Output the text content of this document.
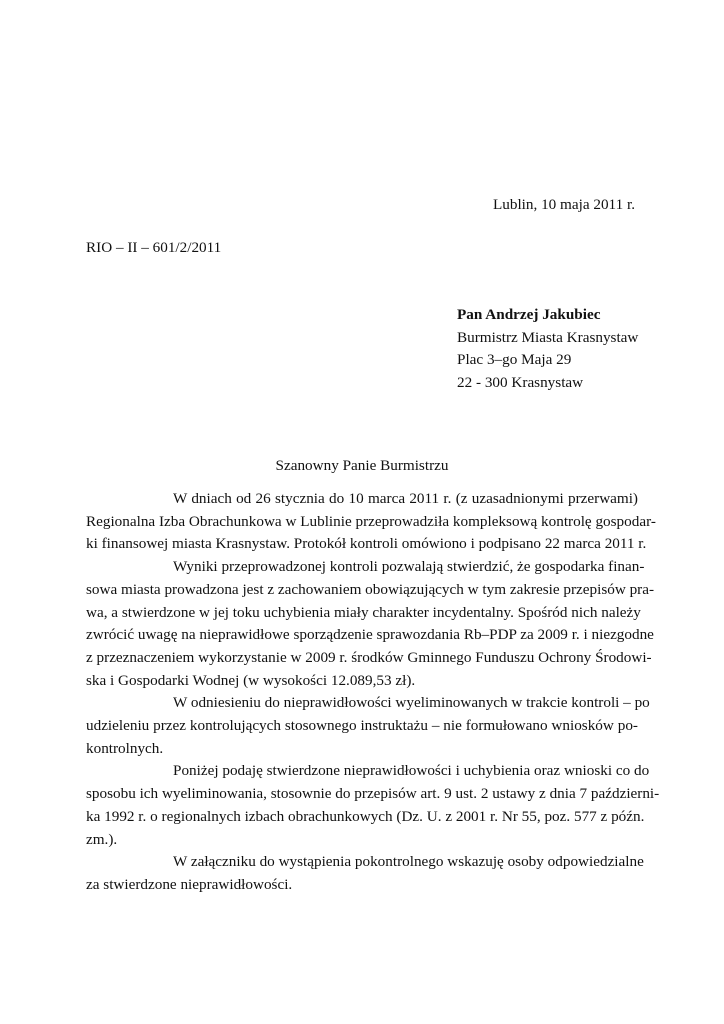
Lublin, 10 maja 2011 r.
RIO – II – 601/2/2011
Pan Andrzej Jakubiec
Burmistrz Miasta Krasnystaw
Plac 3–go Maja 29
22 - 300 Krasnystaw
Szanowny Panie Burmistrzu

W dniach od 26 stycznia do 10 marca 2011 r. (z uzasadnionymi przerwami)
Regionalna Izba Obrachunkowa w Lublinie przeprowadziła kompleksową kontrolę gospodar-
ki finansowej miasta Krasnystaw. Protokół kontroli omówiono i podpisano 22 marca 2011 r.

Wyniki przeprowadzonej kontroli pozwalają stwierdzić, że gospodarka finan-
sowa miasta prowadzona jest z zachowaniem obowiązujących w tym zakresie przepisów pra-
wa, a stwierdzone w jej toku uchybienia miały charakter incydentalny. Spośród nich należy
zwrócić uwagę na nieprawidłowe sporządzenie sprawozdania Rb–PDP za 2009 r. i niezgodne
z przeznaczeniem wykorzystanie w 2009 r. środków Gminnego Funduszu Ochrony Środowi-
ska i Gospodarki Wodnej (w wysokości 12.089,53 zł).

W odniesieniu do nieprawidłowości wyeliminowanych w trakcie kontroli – po
udzieleniu przez kontrolujących stosownego instruktażu – nie formułowano wniosków po-
kontrolnych.

Poniżej podaję stwierdzone nieprawidłowości i uchybienia oraz wnioski co do
sposobu ich wyeliminowania, stosownie do przepisów art. 9 ust. 2 ustawy z dnia 7 październi-
ka 1992 r. o regionalnych izbach obrachunkowych (Dz. U. z 2001 r. Nr 55, poz. 577 z późn.
zm.).

W załączniku do wystąpienia pokontrolnego wskazuję osoby odpowiedzialne
za stwierdzone nieprawidłowości.
